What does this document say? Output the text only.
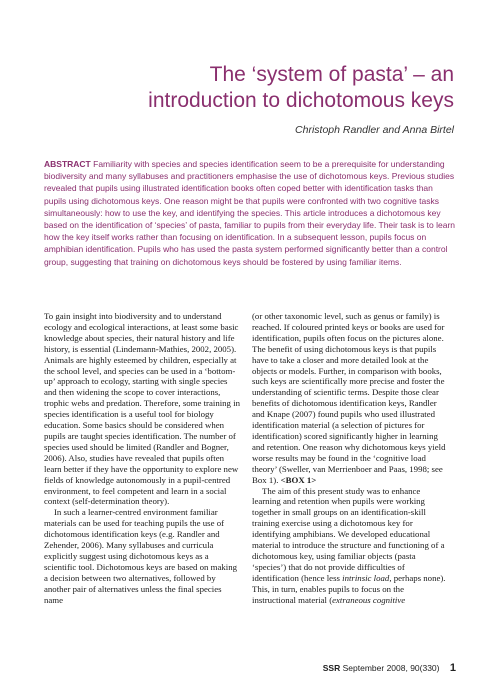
The ‘system of pasta’ – an
introduction to dichotomous keys
Christoph Randler and Anna Birtel

ABSTRACT Familiarity with species and species identification seem to be a prerequisite for understanding biodiversity and many syllabuses and practitioners emphasise the use of dichotomous keys. Previous studies revealed that pupils using illustrated identification books often coped better with identification tasks than pupils using dichotomous keys. One reason might be that pupils were confronted with two cognitive tasks simultaneously: how to use the key, and identifying the species. This article introduces a dichotomous key based on the identification of ‘species’ of pasta, familiar to pupils from their everyday life. Their task is to learn how the key itself works rather than focusing on identification. In a subsequent lesson, pupils focus on amphibian identification. Pupils who has used the pasta system performed significantly better than a control group, suggesting that training on dichotomous keys should be fostered by using familiar items.

To gain insight into biodiversity and to understand ecology and ecological interactions, at least some basic knowledge about species, their natural history and life history, is essential (Lindemann-Mathies, 2002, 2005). Animals are highly esteemed by children, especially at the school level, and species can be used in a ‘bottom-up’ approach to ecology, starting with single species and then widening the scope to cover interactions, trophic webs and predation. Therefore, some training in species identification is a useful tool for biology education. Some basics should be considered when pupils are taught species identification. The number of species used should be limited (Randler and Bogner, 2006). Also, studies have revealed that pupils often learn better if they have the opportunity to explore new fields of knowledge autonomously in a pupil-centred environment, to feel competent and learn in a social context (self-determination theory).

In such a learner-centred environment familiar materials can be used for teaching pupils the use of dichotomous identification keys (e.g. Randler and Zehender, 2006). Many syllabuses and curricula explicitly suggest using dichotomous keys as a scientific tool. Dichotomous keys are based on making a decision between two alternatives, followed by another pair of alternatives unless the final species name

(or other taxonomic level, such as genus or family) is reached. If coloured printed keys or books are used for identification, pupils often focus on the pictures alone. The benefit of using dichotomous keys is that pupils have to take a closer and more detailed look at the objects or models. Further, in comparison with books, such keys are scientifically more precise and foster the understanding of scientific terms. Despite those clear benefits of dichotomous identification keys, Randler and Knape (2007) found pupils who used illustrated identification material (a selection of pictures for identification) scored significantly higher in learning and retention. One reason why dichotomous keys yield worse results may be found in the ‘cognitive load theory’ (Sweller, van Merrienboer and Paas, 1998; see Box 1). <BOX 1>

The aim of this present study was to enhance learning and retention when pupils were working together in small groups on an identification-skill training exercise using a dichotomous key for identifying amphibians. We developed educational material to introduce the structure and functioning of a dichotomous key, using familiar objects (pasta ‘species’) that do not provide difficulties of identification (hence less intrinsic load, perhaps none). This, in turn, enables pupils to focus on the instructional material (extraneous cognitive

SSR September 2008, 90(330) 1
